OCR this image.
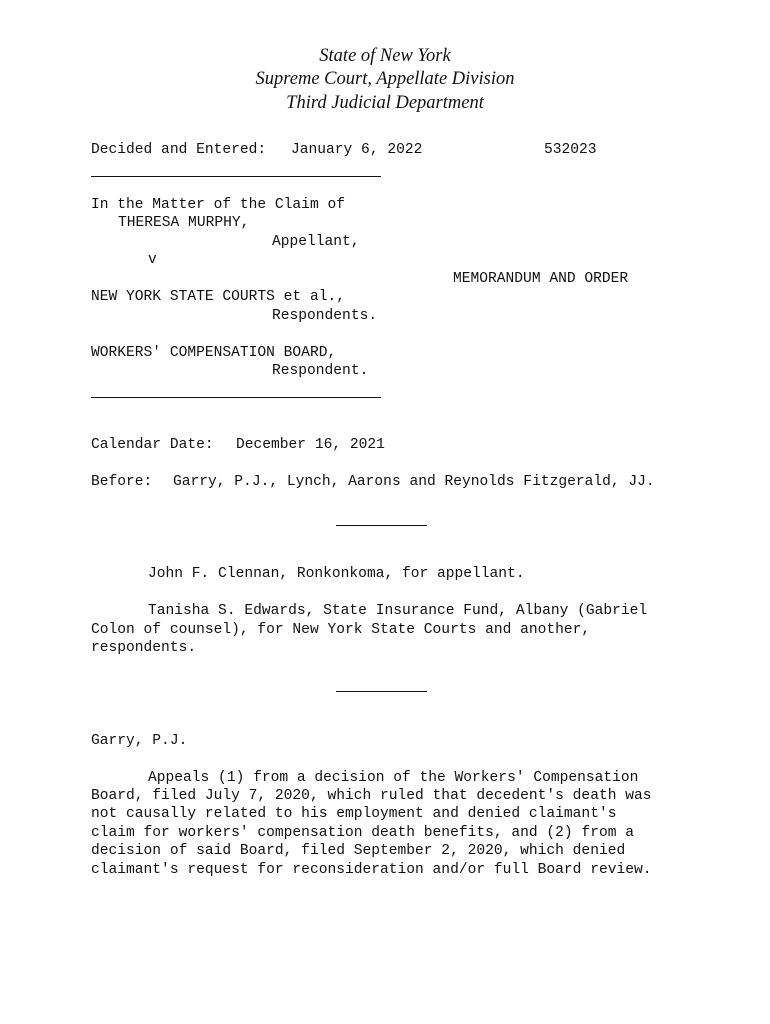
State of New York
Supreme Court, Appellate Division
Third Judicial Department
Decided and Entered: January 6, 2022	532023
In the Matter of the Claim of
THERESA MURPHY,
Appellant,
v
MEMORANDUM AND ORDER
NEW YORK STATE COURTS et al.,
Respondents.
WORKERS' COMPENSATION BOARD,
Respondent.
Calendar Date: December 16, 2021
Before: Garry, P.J., Lynch, Aarons and Reynolds Fitzgerald, JJ.
John F. Clennan, Ronkonkoma, for appellant.
Tanisha S. Edwards, State Insurance Fund, Albany (Gabriel
Colon of counsel), for New York State Courts and another,
respondents.
Garry, P.J.
Appeals (1) from a decision of the Workers' Compensation
Board, filed July 7, 2020, which ruled that decedent's death was
not causally related to his employment and denied claimant's
claim for workers' compensation death benefits, and (2) from a
decision of said Board, filed September 2, 2020, which denied
claimant's request for reconsideration and/or full Board review.
